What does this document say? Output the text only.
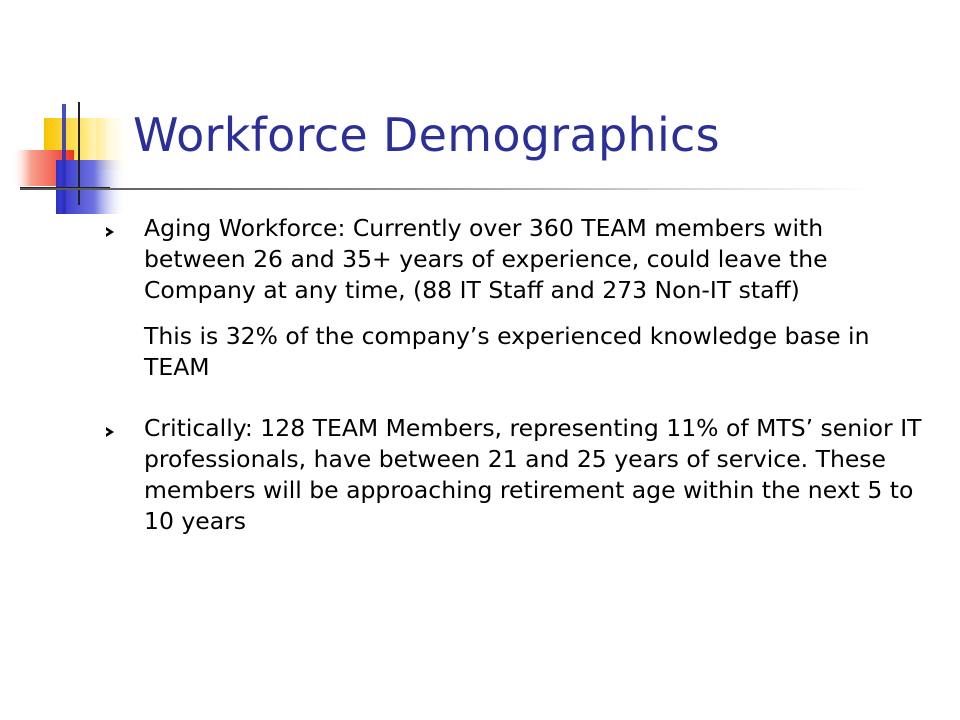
Workforce Demographics

Aging Workforce: Currently over 360 TEAM members with between 26 and 35+ years of experience, could leave the Company at any time, (88 IT Staff and 273 Non-IT staff)

This is 32% of the company’s experienced knowledge base in TEAM

Critically: 128 TEAM Members, representing 11% of MTS’ senior IT professionals, have between 21 and 25 years of service. These members will be approaching retirement age within the next 5 to 10 years
